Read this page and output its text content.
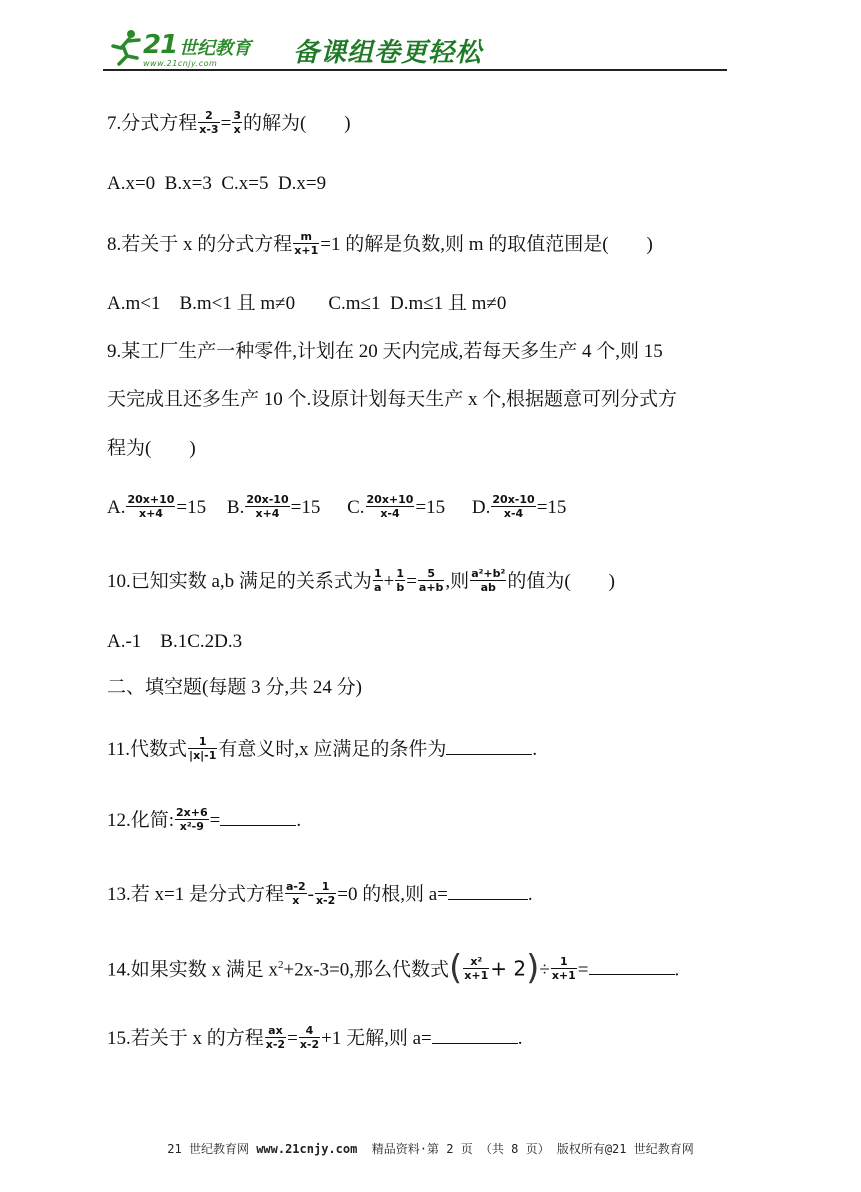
21 世纪教育
www.21cnjy.com	备课组卷更轻松
7.分式方程 $\frac{2}{x-3} = \frac{3}{x}$ 的解为(　　)
A.x=0  B.x=3  C.x=5  D.x=9
8.若关于 x 的分式方程 $\frac{m}{x+1} =1$ 的解是负数,则 m 的取值范围是(　　)
A.m<1    B.m<1 且 m≠0       C.m≤1  D.m≤1 且 m≠0
9.某工厂生产一种零件,计划在 20 天内完成,若每天多生产 4 个,则 15
天完成且还多生产 10 个.设原计划每天生产 x 个,根据题意可列分式方
程为(　　)
A. $\frac{20x+10}{x+4} =15$ B. $\frac{20x-10}{x+4} =15$ C. $\frac{20x+10}{x-4} =15$ D. $\frac{20x-10}{x-4} =15$
10.已知实数 a,b 满足的关系式为 $\frac{1}{a} + \frac{1}{b} = \frac{5}{a+b}$ ,则 $\frac{\text{a²+b²}}{ab}$ 的值为(　　)
A.-1    B.1C.2D.3
二、填空题(每题 3 分,共 24 分)
11.代数式 $\frac{1}{|x|-1}$ 有意义时,x 应满足的条件为	.
12.化简: $\frac{2x+6}{\text{x²-9}}$ =	.
13.若 x=1 是分式方程 $\frac{a-2}{x} - \frac{1}{x-2} =0$ 的根,则 a=	.
14.如果实数 x 满足 $x^2+2x-3=0$,那么代数式( $\frac{\text{x²}}{x+1} + 2)\div \frac{1}{x+1}$ =	.
15.若关于 x 的方程 $\frac{ax}{x-2} = \frac{4}{x-2} +1$ 无解,则 a=	.
21 世纪教育网 www.21cnjy.com  精品资料·第 2 页 （共 8 页） 版权所有@21 世纪教育网
